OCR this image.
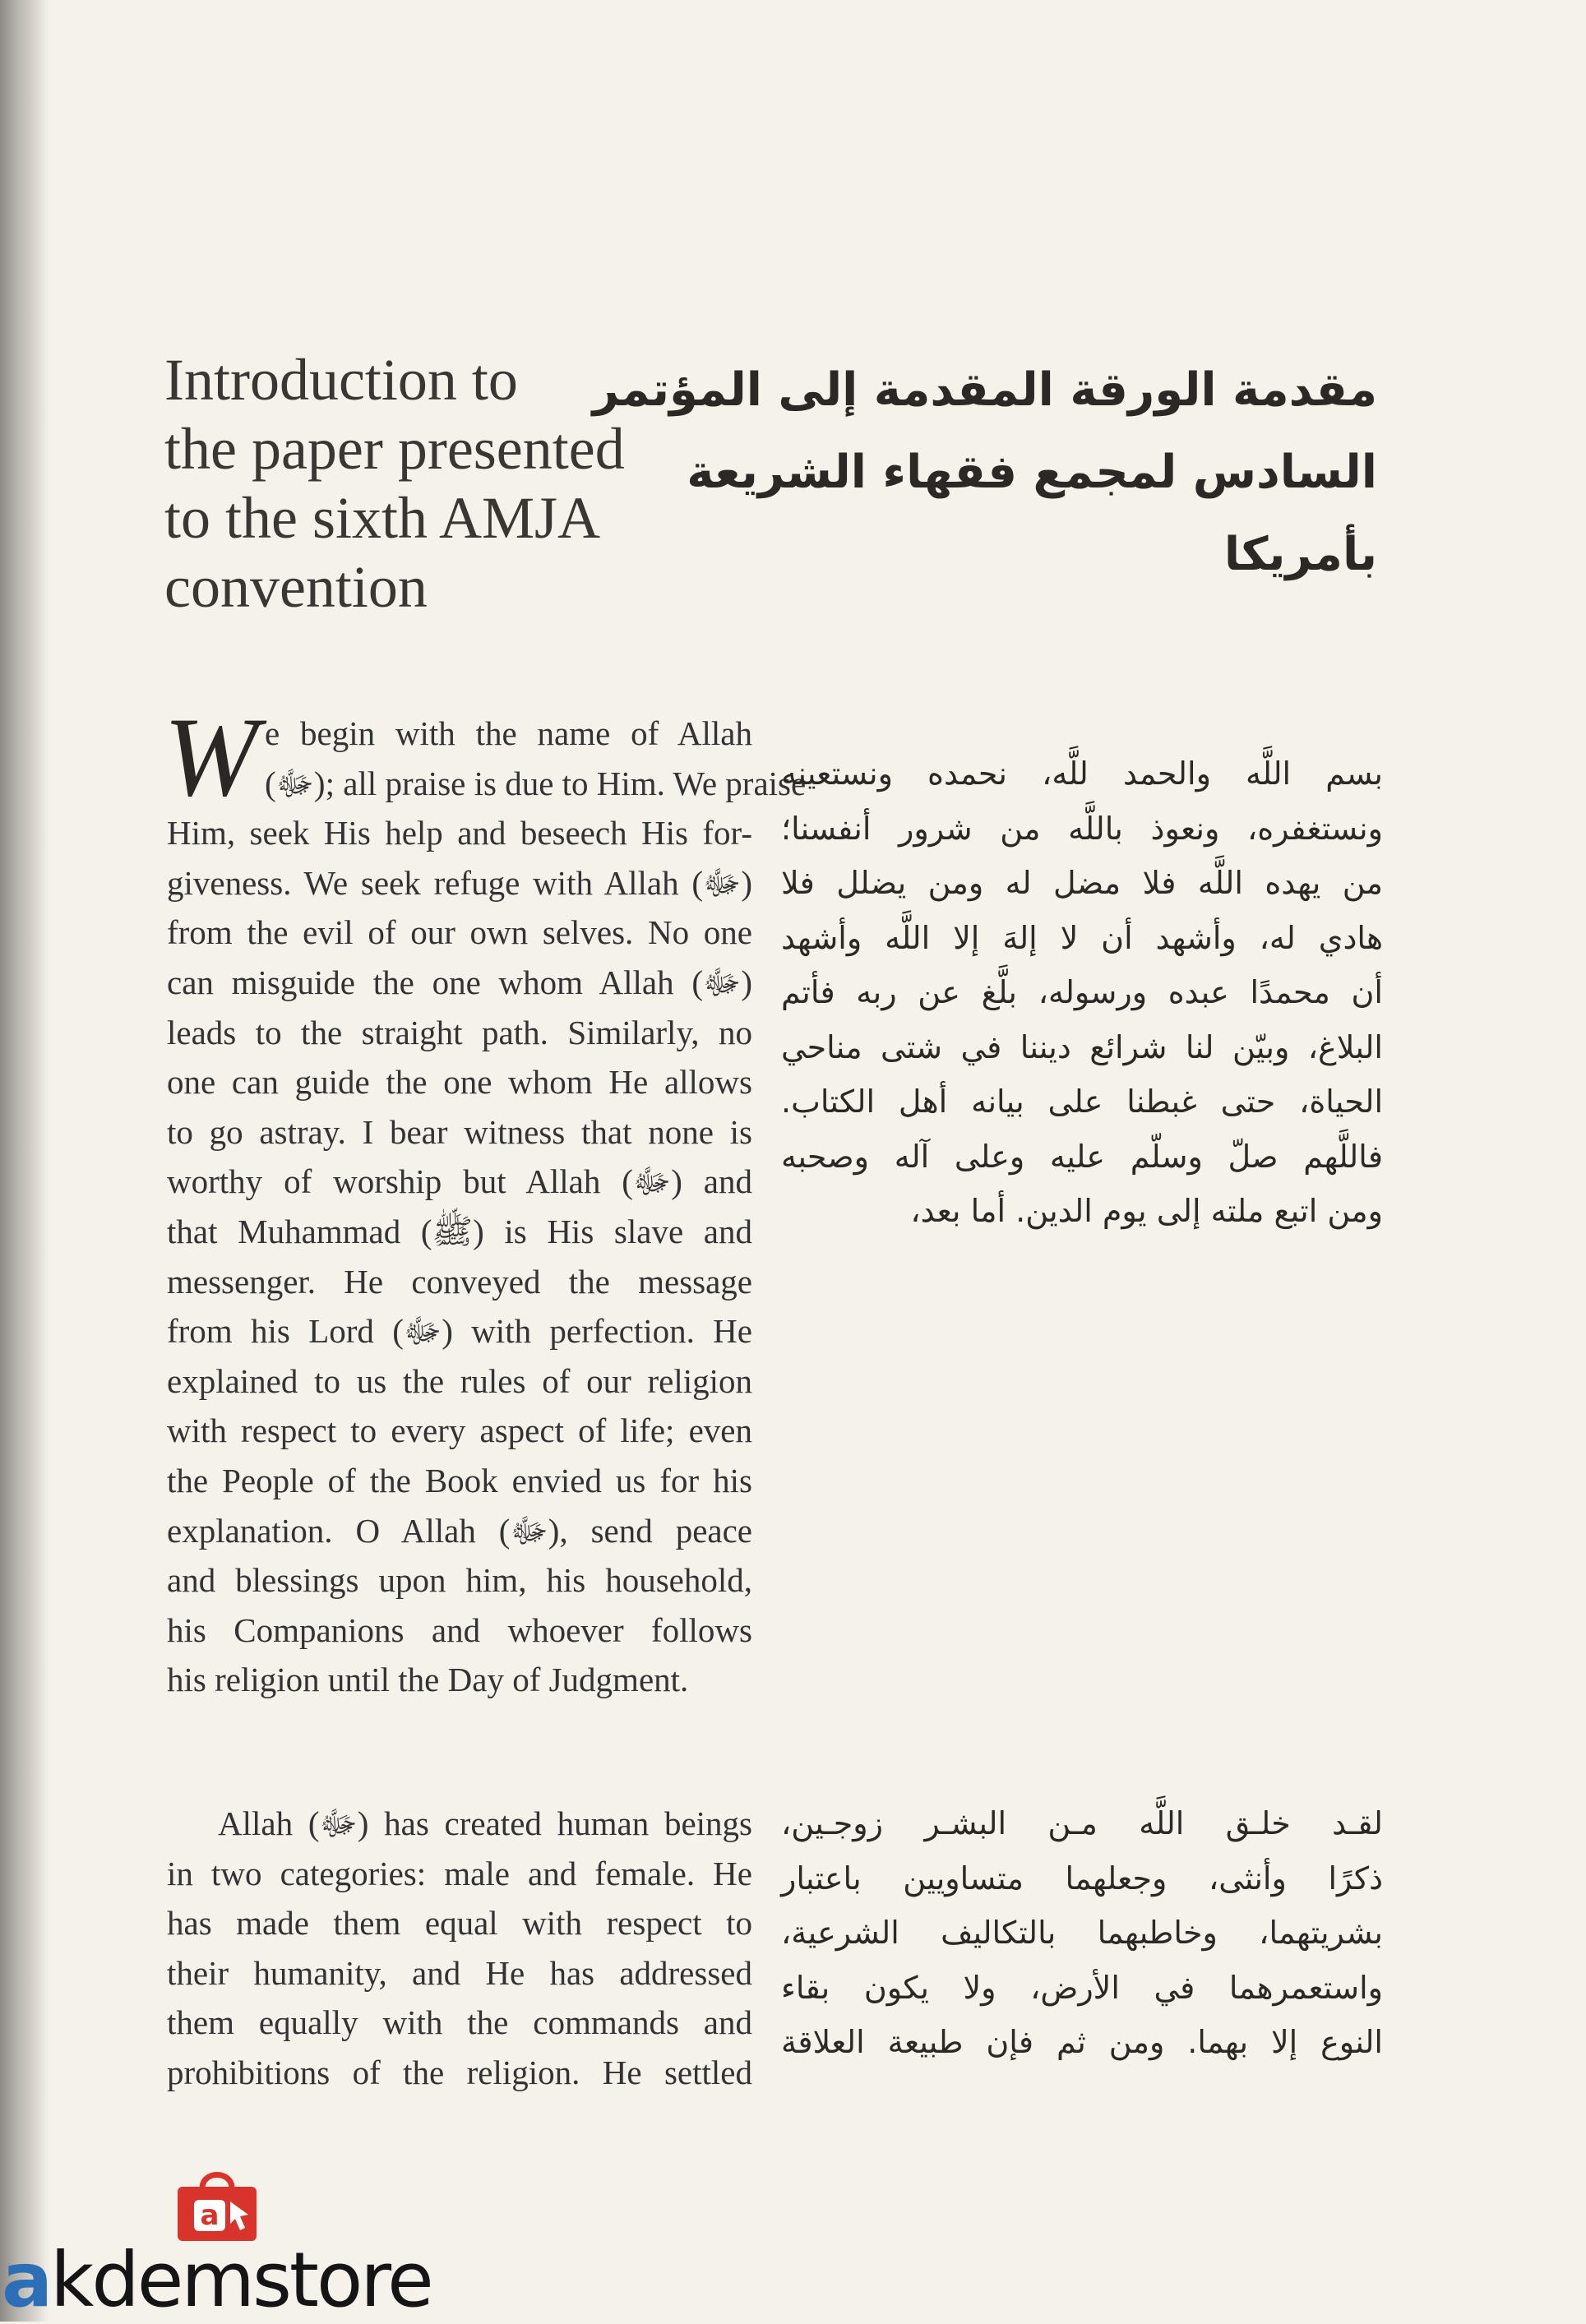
Introduction to
the paper presented
to the sixth AMJA
convention
مقدمة الورقة المقدمة إلى المؤتمر
السادس لمجمع فقهاء الشريعة
بأمريكا
W e begin with the name of Allah
(ﷻ); all praise is due to Him. We praise
Him, seek His help and beseech His for-
giveness. We seek refuge with Allah (ﷻ)
from the evil of our own selves. No one
can misguide the one whom Allah (ﷻ)
leads to the straight path. Similarly, no
one can guide the one whom He allows
to go astray. I bear witness that none is
worthy of worship but Allah (ﷻ) and
that Muhammad (ﷺ) is His slave and
messenger. He conveyed the message
from his Lord (ﷻ) with perfection. He
explained to us the rules of our religion
with respect to every aspect of life; even
the People of the Book envied us for his
explanation. O Allah (ﷻ), send peace
and blessings upon him, his household,
his Companions and whoever follows
his religion until the Day of Judgment.
بسم اللَّه والحمد للَّه، نحمده ونستعينه
ونستغفره، ونعوذ باللَّه من شرور أنفسنا؛
من يهده اللَّه فلا مضل له ومن يضلل فلا
هادي له، وأشهد أن لا إلهَ إلا اللَّه وأشهد
أن محمدًا عبده ورسوله، بلَّغ عن ربه فأتم
البلاغ، وبيّن لنا شرائع ديننا في شتى مناحي
الحياة، حتى غبطنا على بيانه أهل الكتاب.
فاللَّهم صلّ وسلّم عليه وعلى آله وصحبه
ومن اتبع ملته إلى يوم الدين. أما بعد،
Allah (ﷻ) has created human beings
in two categories: male and female. He
has made them equal with respect to
their humanity, and He has addressed
them equally with the commands and
prohibitions of the religion. He settled
لقـد خلـق اللَّه مـن البشـر زوجـين،
ذكرًا وأنثى، وجعلهما متساويين باعتبار
بشريتهما، وخاطبهما بالتكاليف الشرعية،
واستعمرهما في الأرض، ولا يكون بقاء
النوع إلا بهما. ومن ثم فإن طبيعة العلاقة
a
akdemstore
